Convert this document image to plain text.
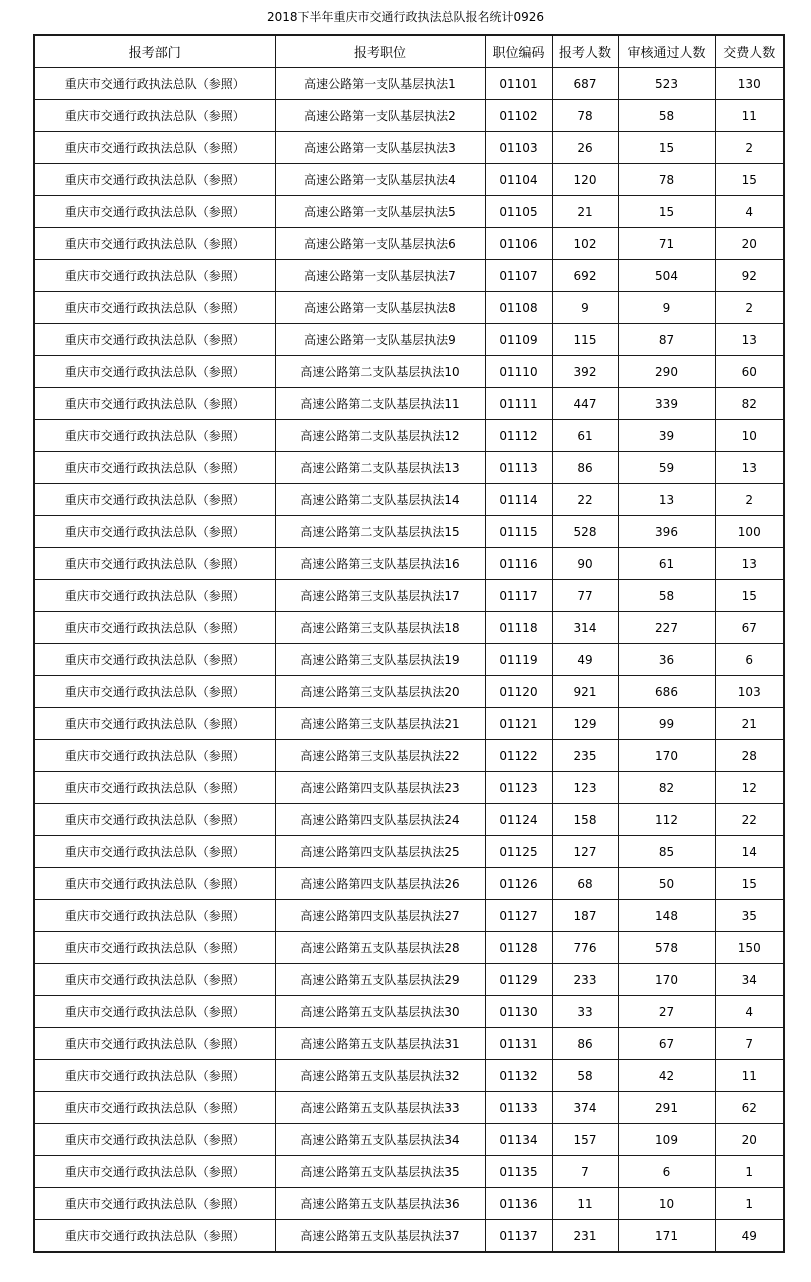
2018下半年重庆市交通行政执法总队报名统计0926
报考部门	报考职位	职位编码	报考人数	审核通过人数	交费人数
重庆市交通行政执法总队（参照）	高速公路第一支队基层执法1	01101	687	523	130
重庆市交通行政执法总队（参照）	高速公路第一支队基层执法2	01102	78	58	11
重庆市交通行政执法总队（参照）	高速公路第一支队基层执法3	01103	26	15	2
重庆市交通行政执法总队（参照）	高速公路第一支队基层执法4	01104	120	78	15
重庆市交通行政执法总队（参照）	高速公路第一支队基层执法5	01105	21	15	4
重庆市交通行政执法总队（参照）	高速公路第一支队基层执法6	01106	102	71	20
重庆市交通行政执法总队（参照）	高速公路第一支队基层执法7	01107	692	504	92
重庆市交通行政执法总队（参照）	高速公路第一支队基层执法8	01108	9	9	2
重庆市交通行政执法总队（参照）	高速公路第一支队基层执法9	01109	115	87	13
重庆市交通行政执法总队（参照）	高速公路第二支队基层执法10	01110	392	290	60
重庆市交通行政执法总队（参照）	高速公路第二支队基层执法11	01111	447	339	82
重庆市交通行政执法总队（参照）	高速公路第二支队基层执法12	01112	61	39	10
重庆市交通行政执法总队（参照）	高速公路第二支队基层执法13	01113	86	59	13
重庆市交通行政执法总队（参照）	高速公路第二支队基层执法14	01114	22	13	2
重庆市交通行政执法总队（参照）	高速公路第二支队基层执法15	01115	528	396	100
重庆市交通行政执法总队（参照）	高速公路第三支队基层执法16	01116	90	61	13
重庆市交通行政执法总队（参照）	高速公路第三支队基层执法17	01117	77	58	15
重庆市交通行政执法总队（参照）	高速公路第三支队基层执法18	01118	314	227	67
重庆市交通行政执法总队（参照）	高速公路第三支队基层执法19	01119	49	36	6
重庆市交通行政执法总队（参照）	高速公路第三支队基层执法20	01120	921	686	103
重庆市交通行政执法总队（参照）	高速公路第三支队基层执法21	01121	129	99	21
重庆市交通行政执法总队（参照）	高速公路第三支队基层执法22	01122	235	170	28
重庆市交通行政执法总队（参照）	高速公路第四支队基层执法23	01123	123	82	12
重庆市交通行政执法总队（参照）	高速公路第四支队基层执法24	01124	158	112	22
重庆市交通行政执法总队（参照）	高速公路第四支队基层执法25	01125	127	85	14
重庆市交通行政执法总队（参照）	高速公路第四支队基层执法26	01126	68	50	15
重庆市交通行政执法总队（参照）	高速公路第四支队基层执法27	01127	187	148	35
重庆市交通行政执法总队（参照）	高速公路第五支队基层执法28	01128	776	578	150
重庆市交通行政执法总队（参照）	高速公路第五支队基层执法29	01129	233	170	34
重庆市交通行政执法总队（参照）	高速公路第五支队基层执法30	01130	33	27	4
重庆市交通行政执法总队（参照）	高速公路第五支队基层执法31	01131	86	67	7
重庆市交通行政执法总队（参照）	高速公路第五支队基层执法32	01132	58	42	11
重庆市交通行政执法总队（参照）	高速公路第五支队基层执法33	01133	374	291	62
重庆市交通行政执法总队（参照）	高速公路第五支队基层执法34	01134	157	109	20
重庆市交通行政执法总队（参照）	高速公路第五支队基层执法35	01135	7	6	1
重庆市交通行政执法总队（参照）	高速公路第五支队基层执法36	01136	11	10	1
重庆市交通行政执法总队（参照）	高速公路第五支队基层执法37	01137	231	171	49
